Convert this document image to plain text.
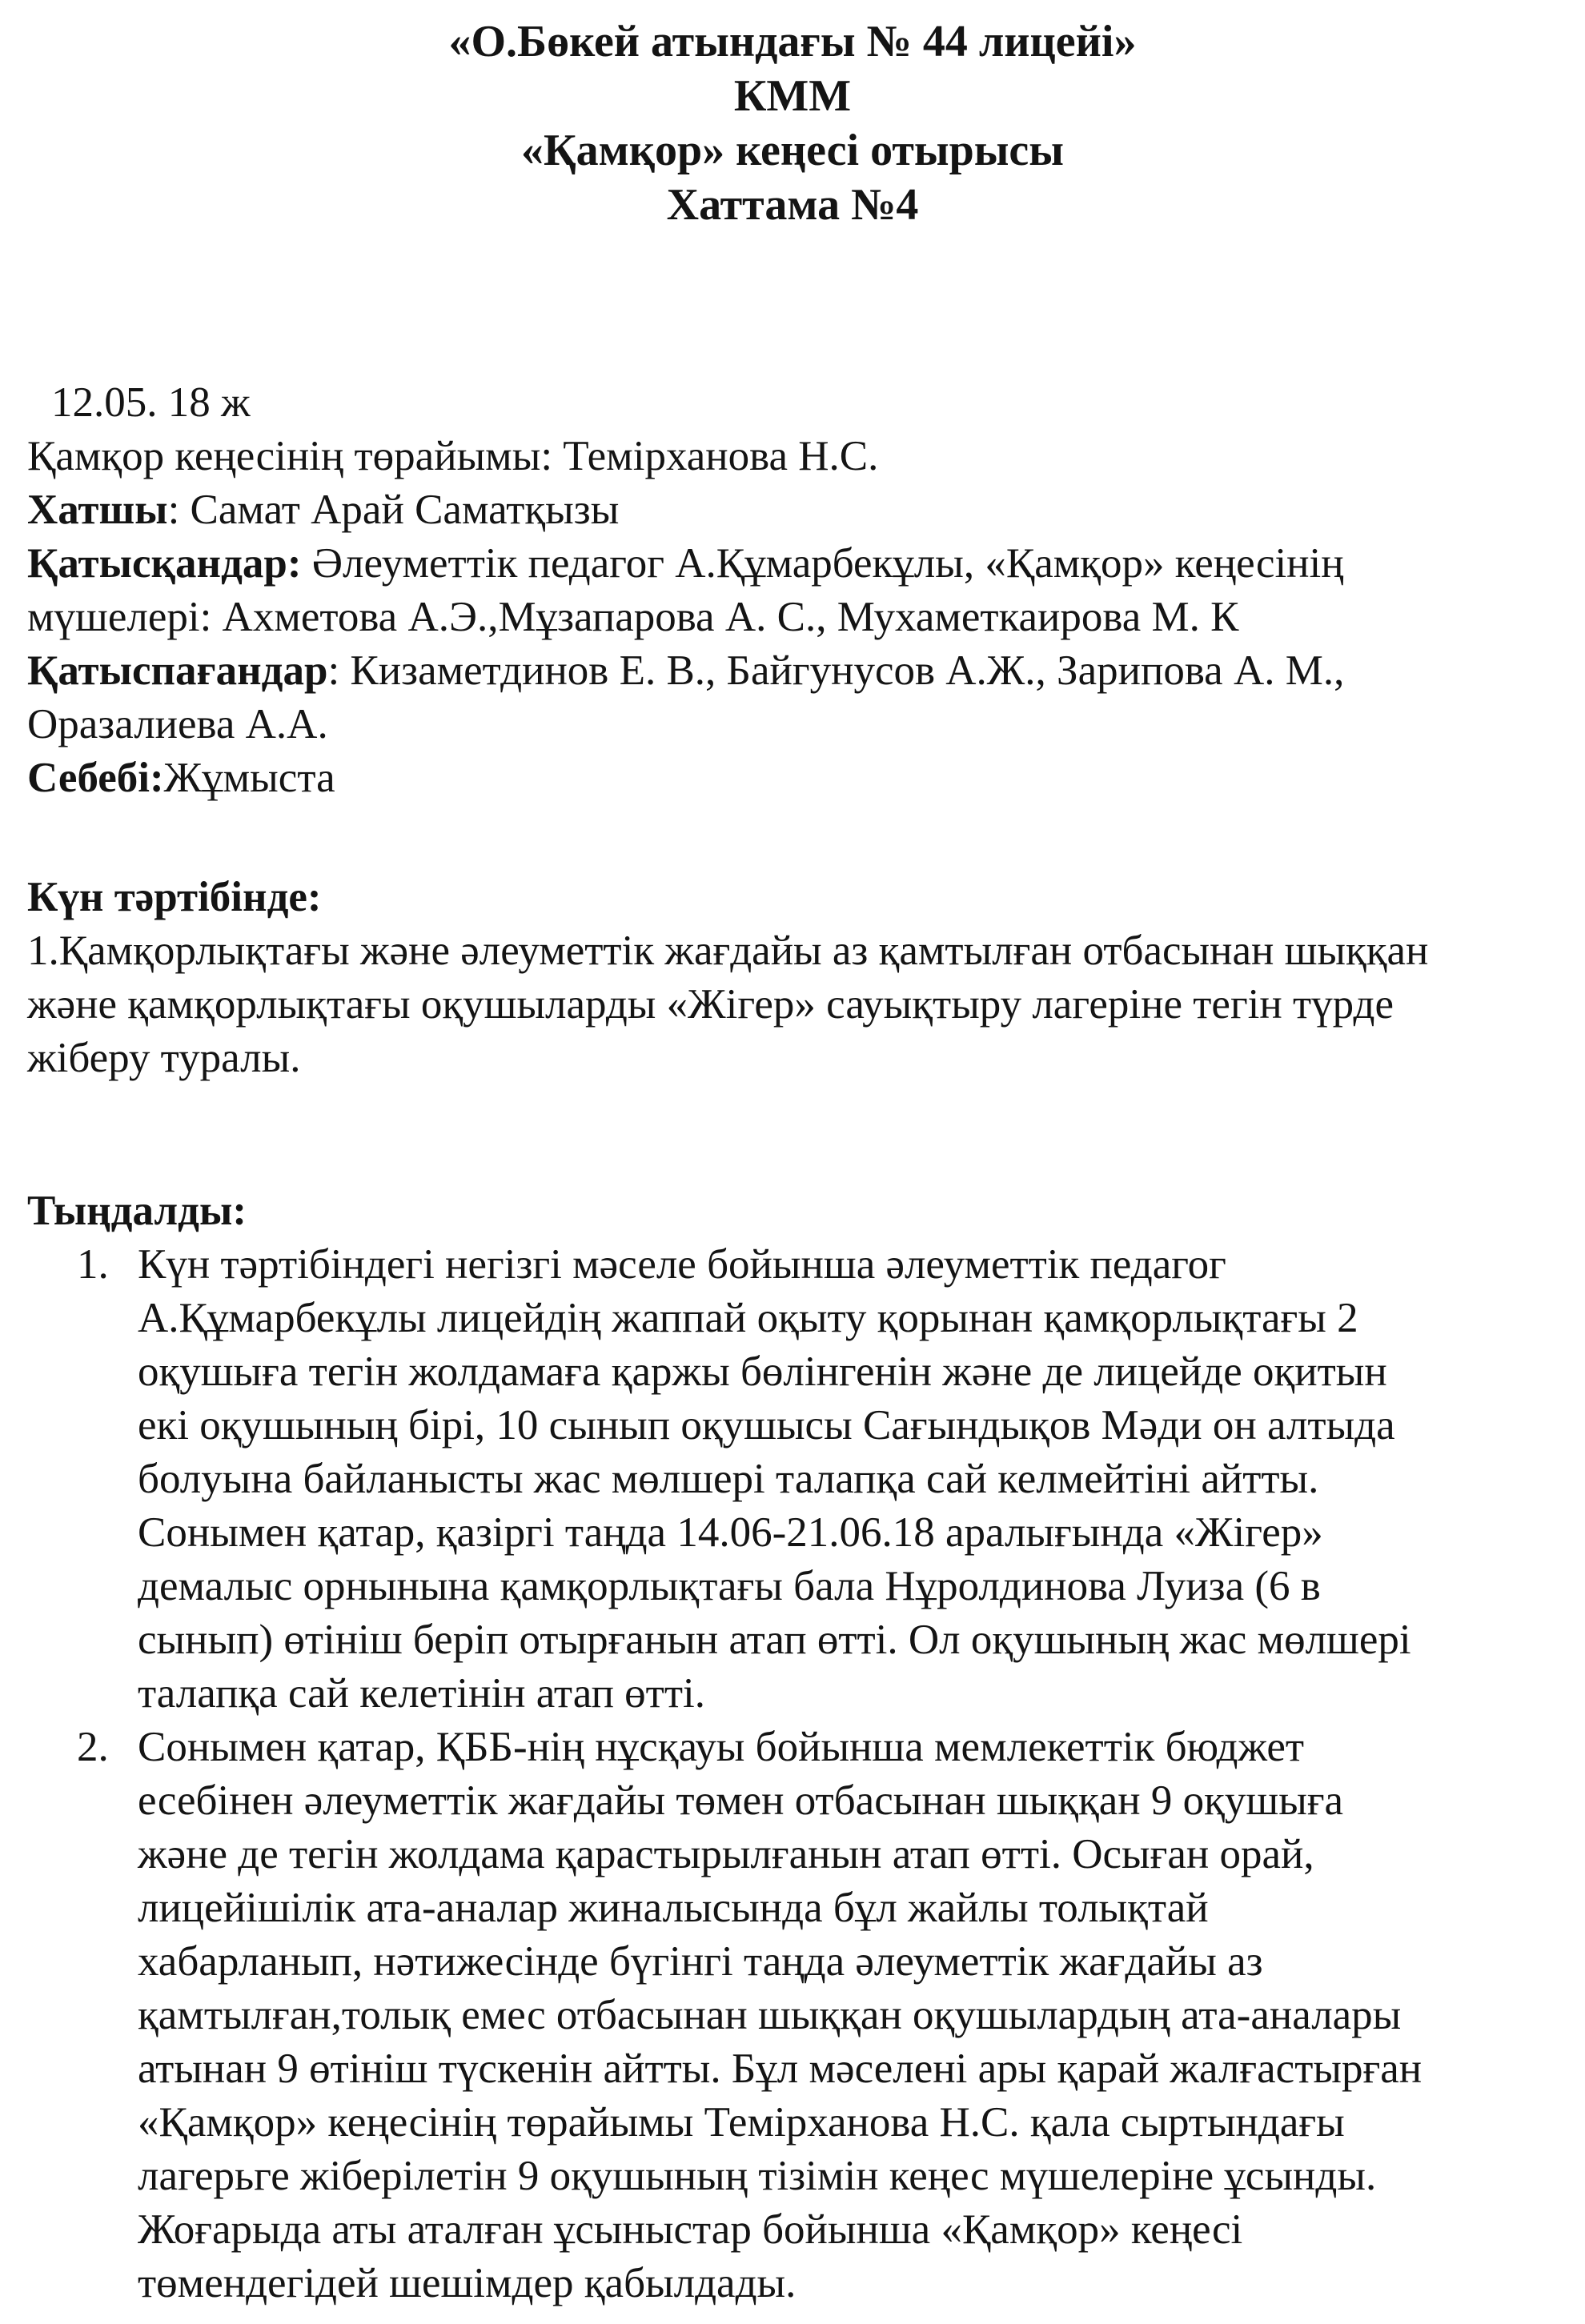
«О.Бөкей атындағы № 44 лицейі»
КММ
«Қамқор» кеңесі отырысы
Хаттама №4
12.05. 18 ж
Қамқор кеңесінің төрайымы: Темірханова Н.С.
Хатшы: Самат Арай Саматқызы
Қатысқандар: Әлеуметтік педагог А.Құмарбекұлы, «Қамқор» кеңесінің
мүшелері: Ахметова А.Э.,Мұзапарова А. С., Мухаметкаирова М. К
Қатыспағандар: Кизаметдинов Е. В., Байгунусов А.Ж., Зарипова А. М.,
Оразалиева А.А.
Себебі:Жұмыста
Күн тәртібінде:
1.Қамқорлықтағы және әлеуметтік жағдайы аз қамтылған отбасынан шыққан
және қамқорлықтағы оқушыларды «Жігер» сауықтыру лагеріне тегін түрде
жіберу туралы.
Тыңдалды:
1. Күн тәртібіндегі негізгі мәселе бойынша әлеуметтік педагог
А.Құмарбекұлы лицейдің жаппай оқыту қорынан қамқорлықтағы 2
оқушыға тегін жолдамаға қаржы бөлінгенін және де лицейде оқитын
екі оқушының бірі, 10 сынып оқушысы Сағындықов Мәди он алтыда
болуына байланысты жас мөлшері талапқа сай келмейтіні айтты.
Сонымен қатар, қазіргі таңда 14.06-21.06.18 аралығында «Жігер»
демалыс орнынына қамқорлықтағы бала Нұролдинова Луиза (6 в
сынып) өтініш беріп отырғанын атап өтті. Ол оқушының жас мөлшері
талапқа сай келетінін атап өтті.
2. Сонымен қатар, ҚББ-нің нұсқауы бойынша мемлекеттік бюджет
есебінен әлеуметтік жағдайы төмен отбасынан шыққан 9 оқушыға
және де тегін жолдама қарастырылғанын атап өтті. Осыған орай,
лицейішілік ата-аналар жиналысында бұл жайлы толықтай
хабарланып, нәтижесінде бүгінгі таңда әлеуметтік жағдайы аз
қамтылған,толық емес отбасынан шыққан оқушылардың ата-аналары
атынан 9 өтініш түскенін айтты. Бұл мәселені ары қарай жалғастырған
«Қамқор» кеңесінің төрайымы Темірханова Н.С. қала сыртындағы
лагерьге жіберілетін 9 оқушының тізімін кеңес мүшелеріне ұсынды.
Жоғарыда аты аталған ұсыныстар бойынша «Қамқор» кеңесі
төмендегідей шешімдер қабылдады.
